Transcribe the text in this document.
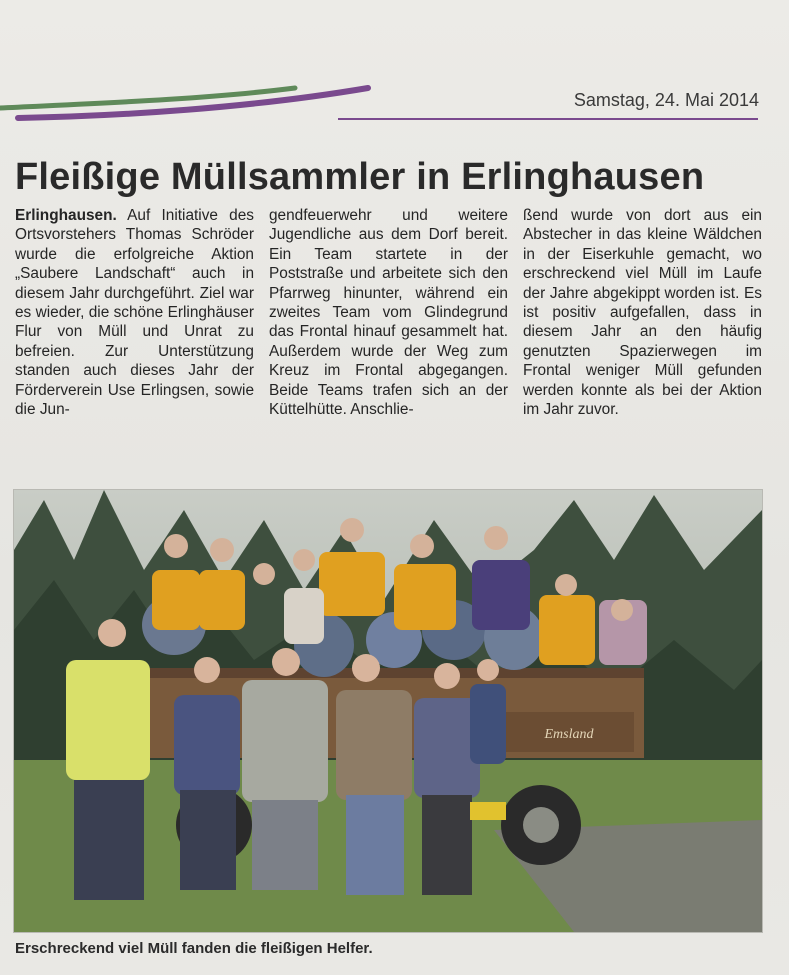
Samstag, 24. Mai 2014
Fleißige Müllsammler in Erlinghausen

Erlinghausen. Auf Initiative des Ortsvorstehers Thomas Schröder wurde die erfolgreiche Aktion „Saubere Landschaft“ auch in diesem Jahr durchgeführt. Ziel war es wieder, die schöne Erlinghäuser Flur von Müll und Unrat zu befreien. Zur Unterstützung standen auch dieses Jahr der Förderverein Use Erlingsen, sowie die Jun-

gendfeuerwehr und weitere Jugendliche aus dem Dorf bereit. Ein Team startete in der Poststraße und arbeitete sich den Pfarrweg hinunter, während ein zweites Team vom Glindegrund das Frontal hinauf gesammelt hat. Außerdem wurde der Weg zum Kreuz im Frontal abgegangen. Beide Teams trafen sich an der Küttelhütte. Anschlie-

ßend wurde von dort aus ein Abstecher in das kleine Wäldchen in der Eiserkuhle gemacht, wo erschreckend viel Müll im Laufe der Jahre abgekippt worden ist. Es ist positiv aufgefallen, dass in diesem Jahr an den häufig genutzten Spazierwegen im Frontal weniger Müll gefunden werden konnte als bei der Aktion im Jahr zuvor.

Emsland
Erschreckend viel Müll fanden die fleißigen Helfer.
